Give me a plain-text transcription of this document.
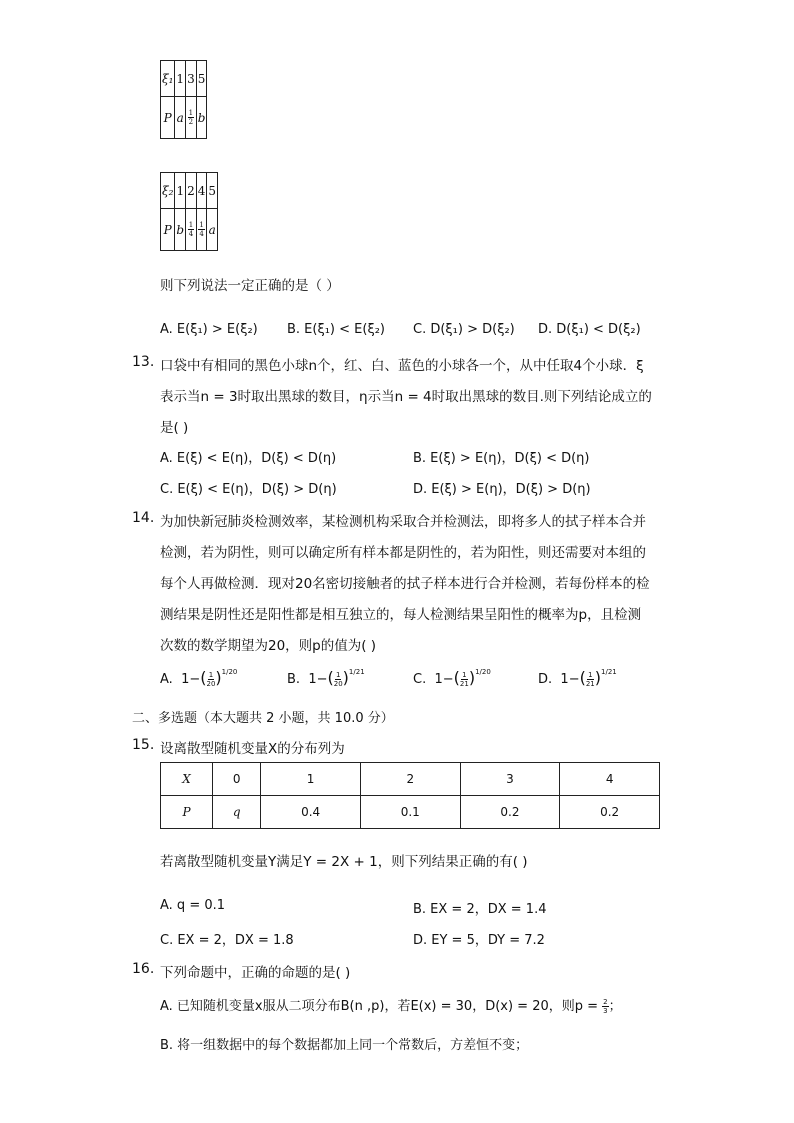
ξ₁	1	3	5
P	a	$\frac{1}{2}$	b
ξ₂	1	2	4	5
P	b	$\frac{1}{4}$	$\frac{1}{4}$	a
则下列说法一定正确的是（ ）
A. E(ξ₁) > E(ξ₂) B. E(ξ₁) < E(ξ₂) C. D(ξ₁) > D(ξ₂) D. D(ξ₁) < D(ξ₂)
13. 口袋中有相同的黑色小球n个，红、白、蓝色的小球各一个，从中任取4个小球．ξ
表示当n = 3时取出黑球的数目，η示当n = 4时取出黑球的数目.则下列结论成立的
是( )
A. E(ξ) < E(η)，D(ξ) < D(η)	B. E(ξ) > E(η)，D(ξ) < D(η)
C. E(ξ) < E(η)，D(ξ) > D(η)	D. E(ξ) > E(η)，D(ξ) > D(η)
14. 为加快新冠肺炎检测效率，某检测机构采取合并检测法，即将多人的拭子样本合并
检测，若为阴性，则可以确定所有样本都是阴性的，若为阳性，则还需要对本组的
每个人再做检测．现对20名密切接触者的拭子样本进行合并检测，若每份样本的检
测结果是阴性还是阳性都是相互独立的，每人检测结果呈阳性的概率为p，且检测
次数的数学期望为20，则p的值为( )
A. $1-( \frac{1}{20} )^{1/20}$	B. $1-( \frac{1}{20} )^{1/21}$	C. $1-( \frac{1}{21} )^{1/20}$	D. $1-( \frac{1}{21} )^{1/21}$
二、多选题（本大题共 2 小题，共 10.0 分）
15. 设离散型随机变量X的分布列为
X	0	1	2	3	4
P	q	0.4	0.1	0.2	0.2
若离散型随机变量Y满足Y = 2X + 1，则下列结果正确的有( )
A. q = 0.1	B. EX = 2，DX = 1.4
C. EX = 2，DX = 1.8	D. EY = 5，DY = 7.2
16. 下列命题中，正确的命题的是( )
A. 已知随机变量x服从二项分布B(n ,p)，若E(x) = 30，D(x) = 20，则$p = \frac{2}{3}$ ；
B. 将一组数据中的每个数据都加上同一个常数后，方差恒不变；
